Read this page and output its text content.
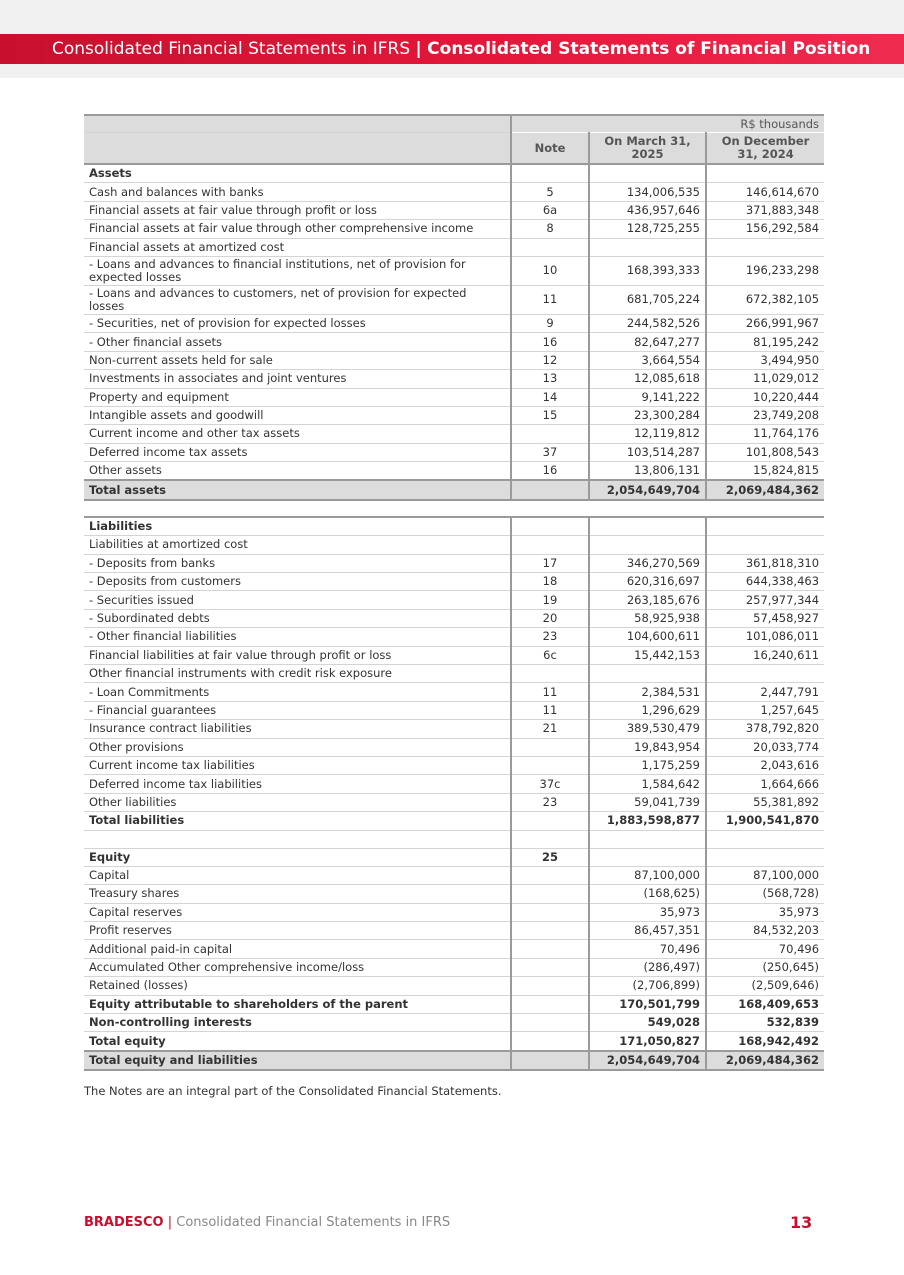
Consolidated Financial Statements in IFRS | Consolidated Statements of Financial Position
	R$ thousands		
	Note	On March 31, 2025	On December 31, 2024
Assets			
Cash and balances with banks	5	134,006,535	146,614,670
Financial assets at fair value through profit or loss	6a	436,957,646	371,883,348
Financial assets at fair value through other comprehensive income	8	128,725,255	156,292,584
Financial assets at amortized cost			
- Loans and advances to financial institutions, net of provision for expected losses	10	168,393,333	196,233,298
- Loans and advances to customers, net of provision for expected losses	11	681,705,224	672,382,105
- Securities, net of provision for expected losses	9	244,582,526	266,991,967
- Other financial assets	16	82,647,277	81,195,242
Non-current assets held for sale	12	3,664,554	3,494,950
Investments in associates and joint ventures	13	12,085,618	11,029,012
Property and equipment	14	9,141,222	10,220,444
Intangible assets and goodwill	15	23,300,284	23,749,208
Current income and other tax assets		12,119,812	11,764,176
Deferred income tax assets	37	103,514,287	101,808,543
Other assets	16	13,806,131	15,824,815
Total assets		2,054,649,704	2,069,484,362

Liabilities			
Liabilities at amortized cost			
- Deposits from banks	17	346,270,569	361,818,310
- Deposits from customers	18	620,316,697	644,338,463
- Securities issued	19	263,185,676	257,977,344
- Subordinated debts	20	58,925,938	57,458,927
- Other financial liabilities	23	104,600,611	101,086,011
Financial liabilities at fair value through profit or loss	6c	15,442,153	16,240,611
Other financial instruments with credit risk exposure			
- Loan Commitments	11	2,384,531	2,447,791
- Financial guarantees	11	1,296,629	1,257,645
Insurance contract liabilities	21	389,530,479	378,792,820
Other provisions		19,843,954	20,033,774
Current income tax liabilities		1,175,259	2,043,616
Deferred income tax liabilities	37c	1,584,642	1,664,666
Other liabilities	23	59,041,739	55,381,892
Total liabilities		1,883,598,877	1,900,541,870

Equity	25		
Capital		87,100,000	87,100,000
Treasury shares		(168,625)	(568,728)
Capital reserves		35,973	35,973
Profit reserves		86,457,351	84,532,203
Additional paid-in capital		70,496	70,496
Accumulated Other comprehensive income/loss		(286,497)	(250,645)
Retained (losses)		(2,706,899)	(2,509,646)
Equity attributable to shareholders of the parent		170,501,799	168,409,653
Non-controlling interests		549,028	532,839
Total equity		171,050,827	168,942,492
Total equity and liabilities		2,054,649,704	2,069,484,362
The Notes are an integral part of the Consolidated Financial Statements.
BRADESCO | Consolidated Financial Statements in IFRS	13
